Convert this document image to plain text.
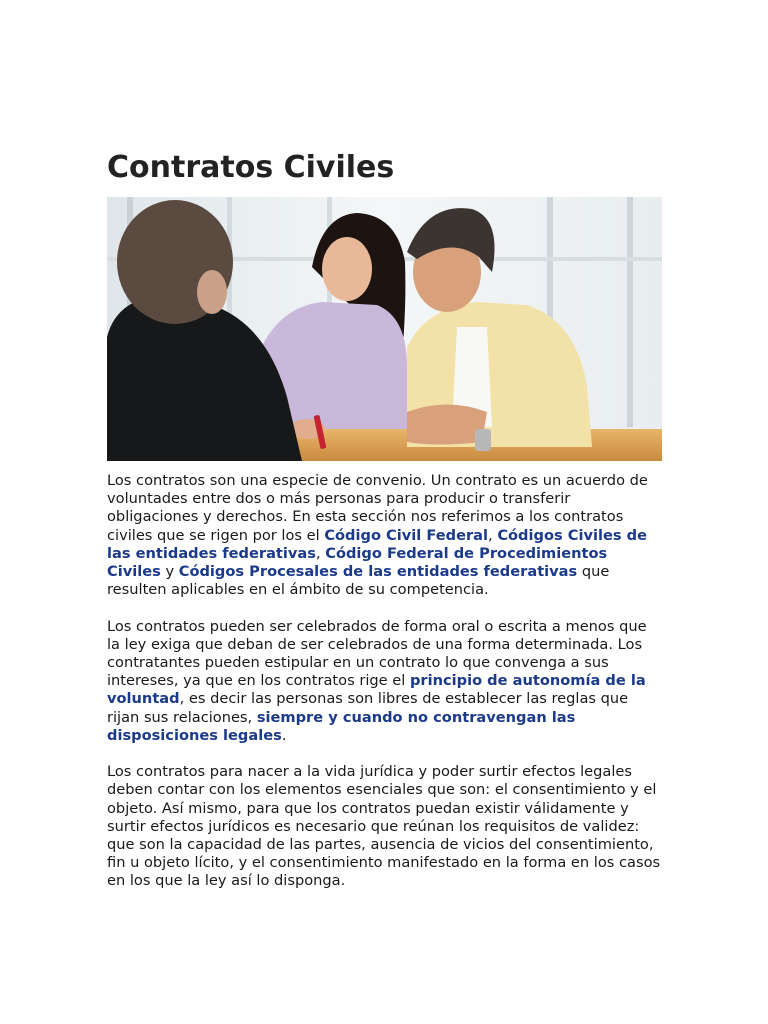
Contratos Civiles

Los contratos son una especie de convenio. Un contrato es un acuerdo de voluntades entre dos o más personas para producir o transferir obligaciones y derechos. En esta sección nos referimos a los contratos civiles que se rigen por los el Código Civil Federal, Códigos Civiles de las entidades federativas, Código Federal de Procedimientos Civiles y Códigos Procesales de las entidades federativas que resulten aplicables en el ámbito de su competencia.

Los contratos pueden ser celebrados de forma oral o escrita a menos que la ley exiga que deban de ser celebrados de una forma determinada. Los contratantes pueden estipular en un contrato lo que convenga a sus intereses, ya que en los contratos rige el principio de autonomía de la voluntad, es decir las personas son libres de establecer las reglas que rijan sus relaciones, siempre y cuando no contravengan las disposiciones legales.

Los contratos para nacer a la vida jurídica y poder surtir efectos legales deben contar con los elementos esenciales que son: el consentimiento y el objeto. Así mismo, para que los contratos puedan existir válidamente y surtir efectos jurídicos es necesario que reúnan los requisitos de validez: que son la capacidad de las partes, ausencia de vicios del consentimiento, fin u objeto lícito, y el consentimiento manifestado en la forma en los casos en los que la ley así lo disponga.
